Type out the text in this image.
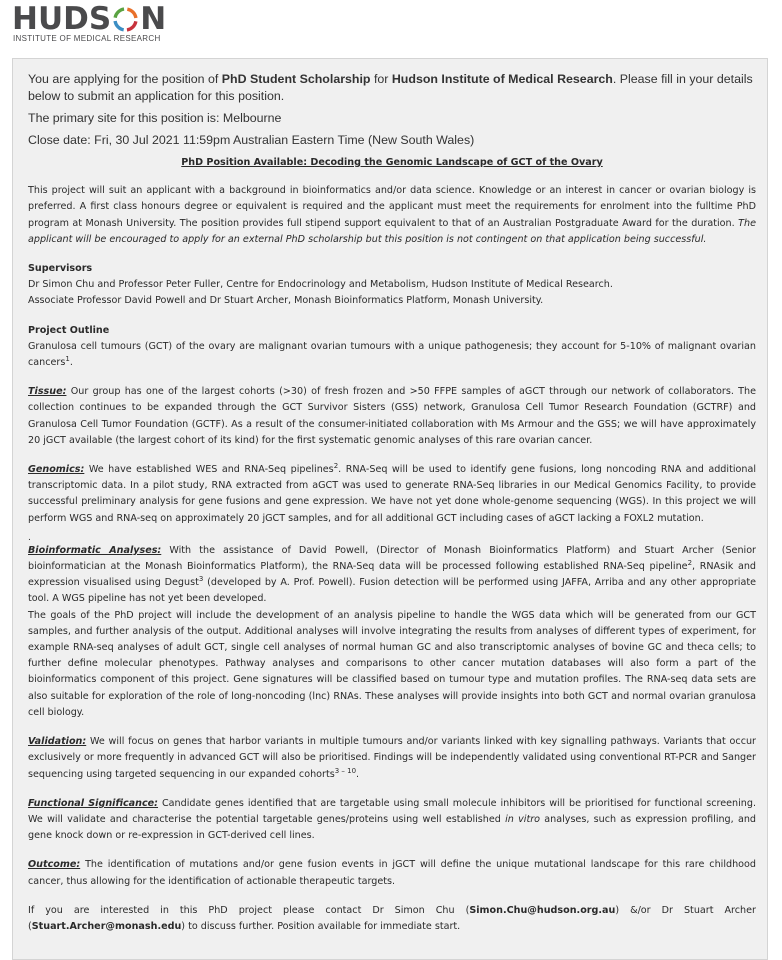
HUDS N
INSTITUTE OF MEDICAL RESEARCH

You are applying for the position of PhD Student Scholarship for Hudson Institute of Medical Research. Please fill in your details below to submit an application for this position.

The primary site for this position is: Melbourne

Close date: Fri, 30 Jul 2021 11:59pm Australian Eastern Time (New South Wales)

PhD Position Available: Decoding the Genomic Landscape of GCT of the Ovary

This project will suit an applicant with a background in bioinformatics and/or data science. Knowledge or an interest in cancer or ovarian biology is preferred. A first class honours degree or equivalent is required and the applicant must meet the requirements for enrolment into the fulltime PhD program at Monash University. The position provides full stipend support equivalent to that of an Australian Postgraduate Award for the duration. The applicant will be encouraged to apply for an external PhD scholarship but this position is not contingent on that application being successful.

Supervisors

Dr Simon Chu and Professor Peter Fuller, Centre for Endocrinology and Metabolism, Hudson Institute of Medical Research.

Associate Professor David Powell and Dr Stuart Archer, Monash Bioinformatics Platform, Monash University.

Project Outline

Granulosa cell tumours (GCT) of the ovary are malignant ovarian tumours with a unique pathogenesis; they account for 5-10% of malignant ovarian cancers$^1$.

Tissue: Our group has one of the largest cohorts (>30) of fresh frozen and >50 FFPE samples of aGCT through our network of collaborators. The collection continues to be expanded through the GCT Survivor Sisters (GSS) network, Granulosa Cell Tumor Research Foundation (GCTRF) and Granulosa Cell Tumor Foundation (GCTF). As a result of the consumer-initiated collaboration with Ms Armour and the GSS; we will have approximately 20 jGCT available (the largest cohort of its kind) for the first systematic genomic analyses of this rare ovarian cancer.

Genomics: We have established WES and RNA-Seq pipelines$^2$. RNA-Seq will be used to identify gene fusions, long noncoding RNA and additional transcriptomic data. In a pilot study, RNA extracted from aGCT was used to generate RNA-Seq libraries in our Medical Genomics Facility, to provide successful preliminary analysis for gene fusions and gene expression. We have not yet done whole-genome sequencing (WGS). In this project we will perform WGS and RNA-seq on approximately 20 jGCT samples, and for all additional GCT including cases of aGCT lacking a FOXL2 mutation.

.

Bioinformatic Analyses: With the assistance of David Powell, (Director of Monash Bioinformatics Platform) and Stuart Archer (Senior bioinformatician at the Monash Bioinformatics Platform), the RNA-Seq data will be processed following established RNA-Seq pipeline$^2$, RNAsik and expression visualised using Degust$^3$ (developed by A. Prof. Powell). Fusion detection will be performed using JAFFA, Arriba and any other appropriate tool. A WGS pipeline has not yet been developed.

The goals of the PhD project will include the development of an analysis pipeline to handle the WGS data which will be generated from our GCT samples, and further analysis of the output. Additional analyses will involve integrating the results from analyses of different types of experiment, for example RNA-seq analyses of adult GCT, single cell analyses of normal human GC and also transcriptomic analyses of bovine GC and theca cells; to further define molecular phenotypes. Pathway analyses and comparisons to other cancer mutation databases will also form a part of the bioinformatics component of this project. Gene signatures will be classified based on tumour type and mutation profiles. The RNA-seq data sets are also suitable for exploration of the role of long-noncoding (lnc) RNAs. These analyses will provide insights into both GCT and normal ovarian granulosa cell biology.

Validation: We will focus on genes that harbor variants in multiple tumours and/or variants linked with key signalling pathways. Variants that occur exclusively or more frequently in advanced GCT will also be prioritised. Findings will be independently validated using conventional RT-PCR and Sanger sequencing using targeted sequencing in our expanded cohorts$^{3 - 10}$.

Functional Significance: Candidate genes identified that are targetable using small molecule inhibitors will be prioritised for functional screening. We will validate and characterise the potential targetable genes/proteins using well established in vitro analyses, such as expression profiling, and gene knock down or re-expression in GCT-derived cell lines.

Outcome: The identification of mutations and/or gene fusion events in jGCT will define the unique mutational landscape for this rare childhood cancer, thus allowing for the identification of actionable therapeutic targets.

If you are interested in this PhD project please contact Dr Simon Chu (Simon.Chu@hudson.org.au) &/or Dr Stuart Archer (Stuart.Archer@monash.edu) to discuss further. Position available for immediate start.
